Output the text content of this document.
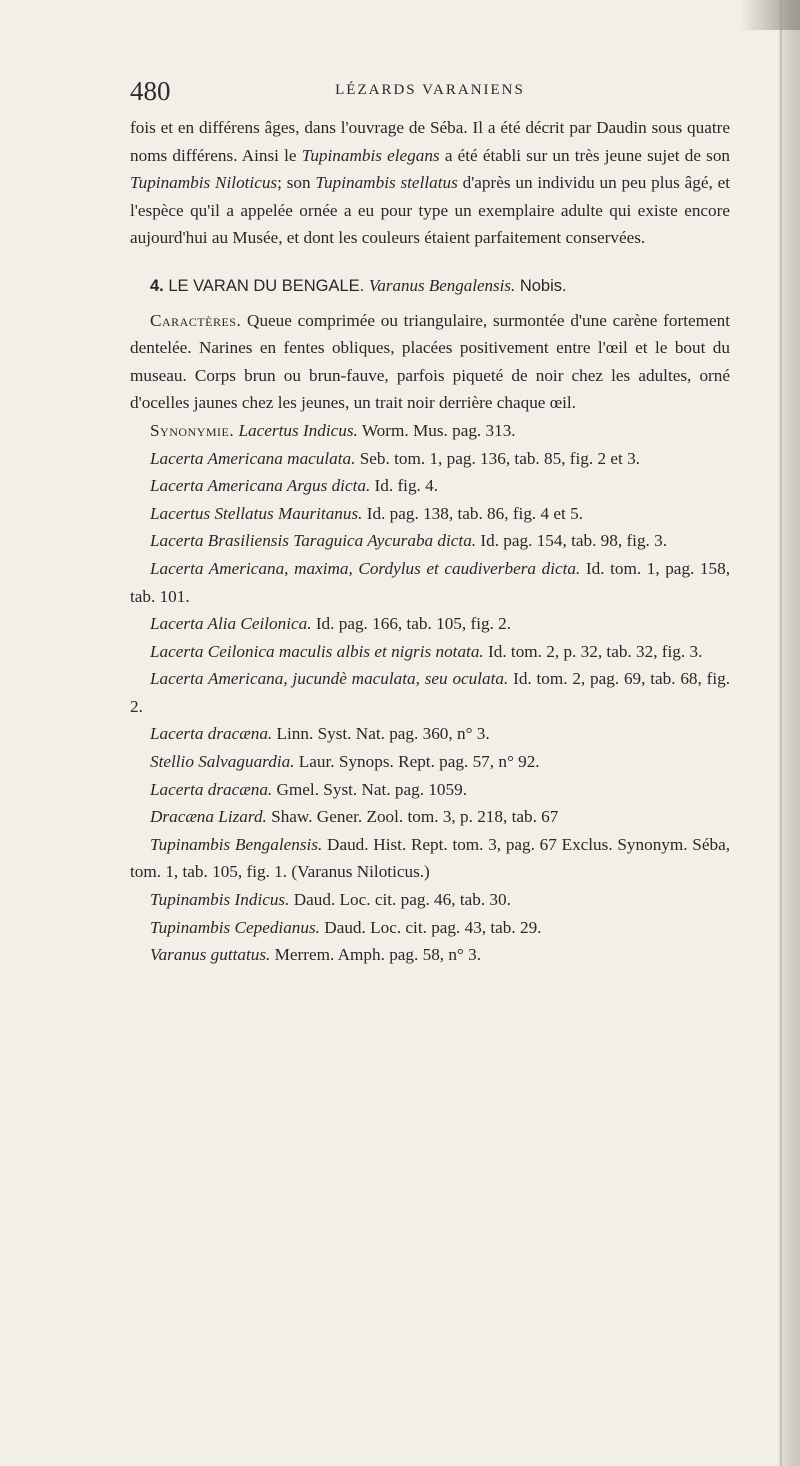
480	LÉZARDS VARANIENS

fois et en différens âges, dans l'ouvrage de Séba. Il a été décrit par Daudin sous quatre noms différens. Ainsi le Tupinambis elegans a été établi sur un très jeune sujet de son Tupinambis Niloticus; son Tupinambis stellatus d'après un individu un peu plus âgé, et l'espèce qu'il a appelée ornée a eu pour type un exemplaire adulte qui existe encore aujourd'hui au Musée, et dont les couleurs étaient parfaitement conservées.

4. LE VARAN DU BENGALE. Varanus Bengalensis. Nobis.

Caractères. Queue comprimée ou triangulaire, surmontée d'une carène fortement dentelée. Narines en fentes obliques, placées positivement entre l'œil et le bout du museau. Corps brun ou brun-fauve, parfois piqueté de noir chez les adultes, orné d'ocelles jaunes chez les jeunes, un trait noir derrière chaque œil.

Synonymie. Lacertus Indicus. Worm. Mus. pag. 313.

Lacerta Americana maculata. Seb. tom. 1, pag. 136, tab. 85, fig. 2 et 3.

Lacerta Americana Argus dicta. Id. fig. 4.

Lacertus Stellatus Mauritanus. Id. pag. 138, tab. 86, fig. 4 et 5.

Lacerta Brasiliensis Taraguica Aycuraba dicta. Id. pag. 154, tab. 98, fig. 3.

Lacerta Americana, maxima, Cordylus et caudiverbera dicta. Id. tom. 1, pag. 158, tab. 101.

Lacerta Alia Ceilonica. Id. pag. 166, tab. 105, fig. 2.

Lacerta Ceilonica maculis albis et nigris notata. Id. tom. 2, p. 32, tab. 32, fig. 3.

Lacerta Americana, jucundè maculata, seu oculata. Id. tom. 2, pag. 69, tab. 68, fig. 2.

Lacerta dracæna. Linn. Syst. Nat. pag. 360, n° 3.

Stellio Salvaguardia. Laur. Synops. Rept. pag. 57, n° 92.

Lacerta dracæna. Gmel. Syst. Nat. pag. 1059.

Dracæna Lizard. Shaw. Gener. Zool. tom. 3, p. 218, tab. 67

Tupinambis Bengalensis. Daud. Hist. Rept. tom. 3, pag. 67 Exclus. Synonym. Séba, tom. 1, tab. 105, fig. 1. (Varanus Niloticus.)

Tupinambis Indicus. Daud. Loc. cit. pag. 46, tab. 30.

Tupinambis Cepedianus. Daud. Loc. cit. pag. 43, tab. 29.

Varanus guttatus. Merrem. Amph. pag. 58, n° 3.
